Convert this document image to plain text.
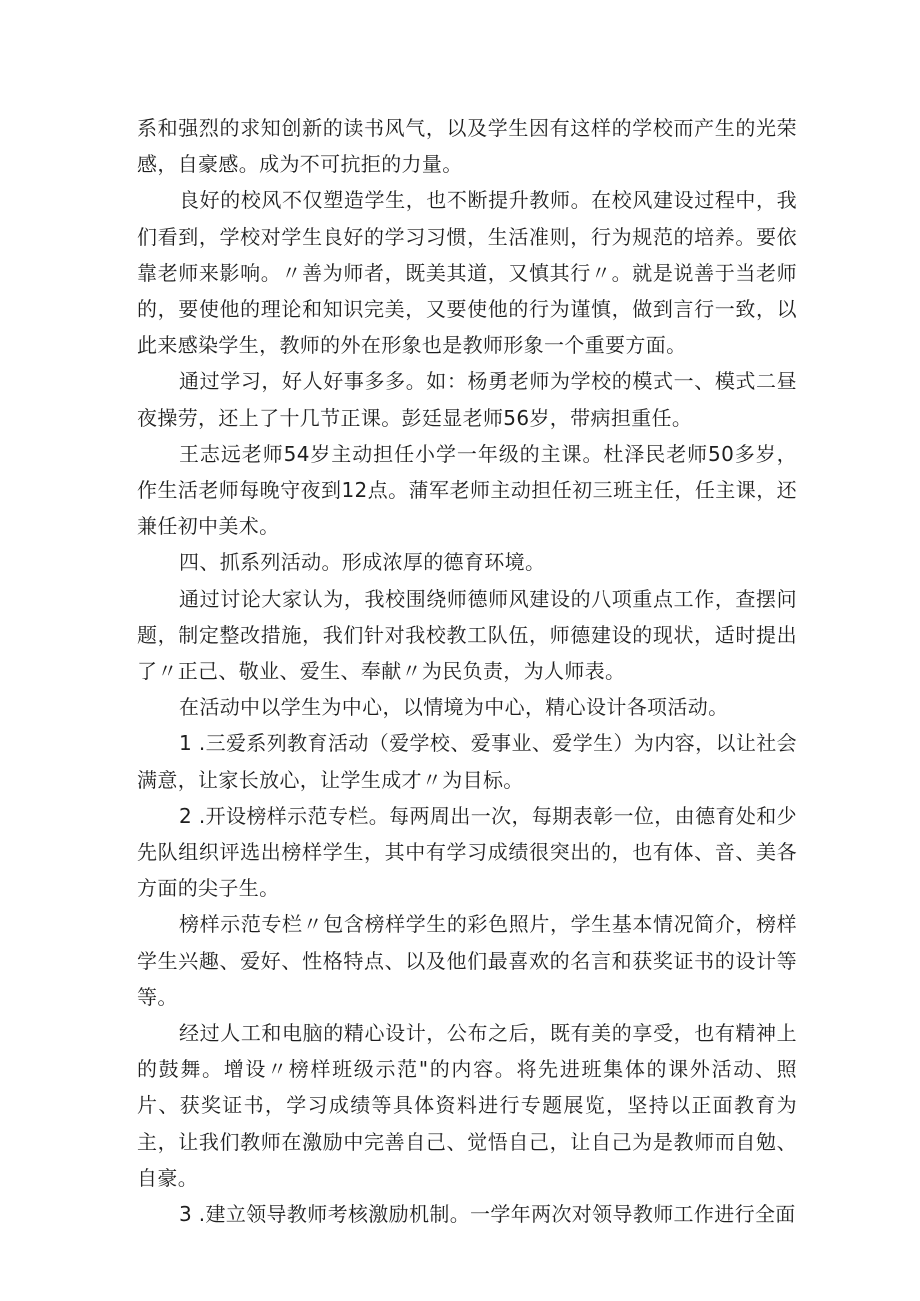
系和强烈的求知创新的读书风气，以及学生因有这样的学校而产生的光荣感，自豪感。成为不可抗拒的力量。

良好的校风不仅塑造学生，也不断提升教师。在校风建设过程中，我们看到，学校对学生良好的学习习惯，生活准则，行为规范的培养。要依靠老师来影响。〃善为师者，既美其道，又慎其行〃。就是说善于当老师的，要使他的理论和知识完美，又要使他的行为谨慎，做到言行一致，以此来感染学生，教师的外在形象也是教师形象一个重要方面。

通过学习，好人好事多多。如：杨勇老师为学校的模式一、模式二昼夜操劳，还上了十几节正课。彭廷显老师56岁，带病担重任。

王志远老师54岁主动担任小学一年级的主课。杜泽民老师50多岁，作生活老师每晚守夜到12点。蒲军老师主动担任初三班主任，任主课，还兼任初中美术。

四、抓系列活动。形成浓厚的德育环境。

通过讨论大家认为，我校围绕师德师风建设的八项重点工作，查摆问题，制定整改措施，我们针对我校教工队伍，师德建设的现状，适时提出了〃正己、敬业、爱生、奉献〃为民负责，为人师表。

在活动中以学生为中心，以情境为中心，精心设计各项活动。

1 .三爱系列教育活动（爱学校、爱事业、爱学生）为内容，以让社会满意，让家长放心，让学生成才〃为目标。

2 .开设榜样示范专栏。每两周出一次，每期表彰一位，由德育处和少先队组织评选出榜样学生，其中有学习成绩很突出的，也有体、音、美各方面的尖子生。

榜样示范专栏〃包含榜样学生的彩色照片，学生基本情况简介，榜样学生兴趣、爱好、性格特点、以及他们最喜欢的名言和获奖证书的设计等等。

经过人工和电脑的精心设计，公布之后，既有美的享受，也有精神上的鼓舞。增设〃榜样班级示范"的内容。将先进班集体的课外活动、照片、获奖证书，学习成绩等具体资料进行专题展览，坚持以正面教育为主，让我们教师在激励中完善自己、觉悟自己，让自己为是教师而自勉、自豪。

3 .建立领导教师考核激励机制。一学年两次对领导教师工作进行全面
